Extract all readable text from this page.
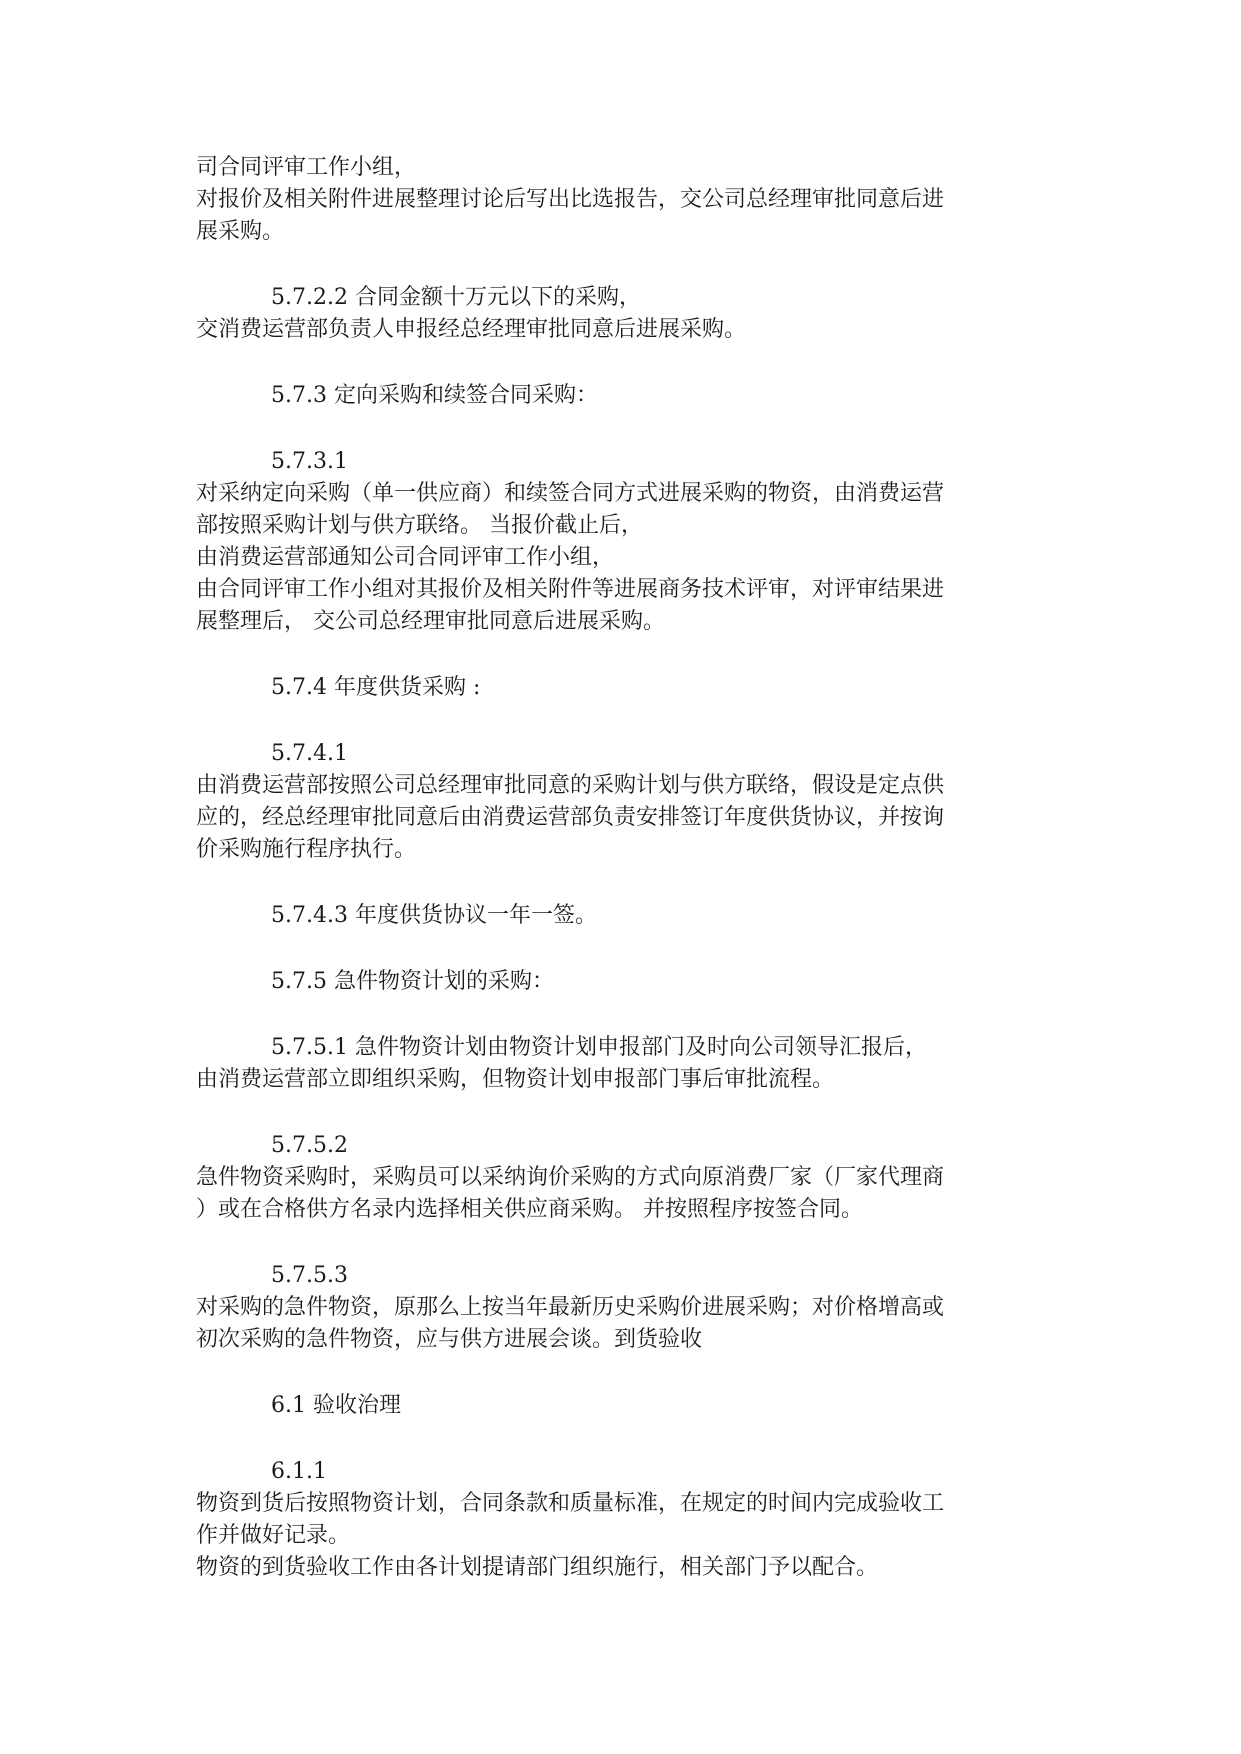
司合同评审工作小组，
对报价及相关附件进展整理讨论后写出比选报告，交公司总经理审批同意后进
展采购。
5.7.2.2 合同金额十万元以下的采购，
交消费运营部负责人申报经总经理审批同意后进展采购。
5.7.3 定向采购和续签合同采购：
5.7.3.1
对采纳定向采购（单一供应商）和续签合同方式进展采购的物资，由消费运营
部按照采购计划与供方联络。 当报价截止后，
由消费运营部通知公司合同评审工作小组，
由合同评审工作小组对其报价及相关附件等进展商务技术评审，对评审结果进
展整理后， 交公司总经理审批同意后进展采购。
5.7.4 年度供货采购 :
5.7.4.1
由消费运营部按照公司总经理审批同意的采购计划与供方联络，假设是定点供
应的，经总经理审批同意后由消费运营部负责安排签订年度供货协议，并按询
价采购施行程序执行。
5.7.4.3 年度供货协议一年一签。
5.7.5 急件物资计划的采购：
5.7.5.1 急件物资计划由物资计划申报部门及时向公司领导汇报后，
由消费运营部立即组织采购，但物资计划申报部门事后审批流程。
5.7.5.2
急件物资采购时，采购员可以采纳询价采购的方式向原消费厂家（厂家代理商
）或在合格供方名录内选择相关供应商采购。 并按照程序按签合同。
5.7.5.3
对采购的急件物资，原那么上按当年最新历史采购价进展采购；对价格增高或
初次采购的急件物资，应与供方进展会谈。到货验收
6.1 验收治理
6.1.1
物资到货后按照物资计划，合同条款和质量标准，在规定的时间内完成验收工
作并做好记录。
物资的到货验收工作由各计划提请部门组织施行，相关部门予以配合。
